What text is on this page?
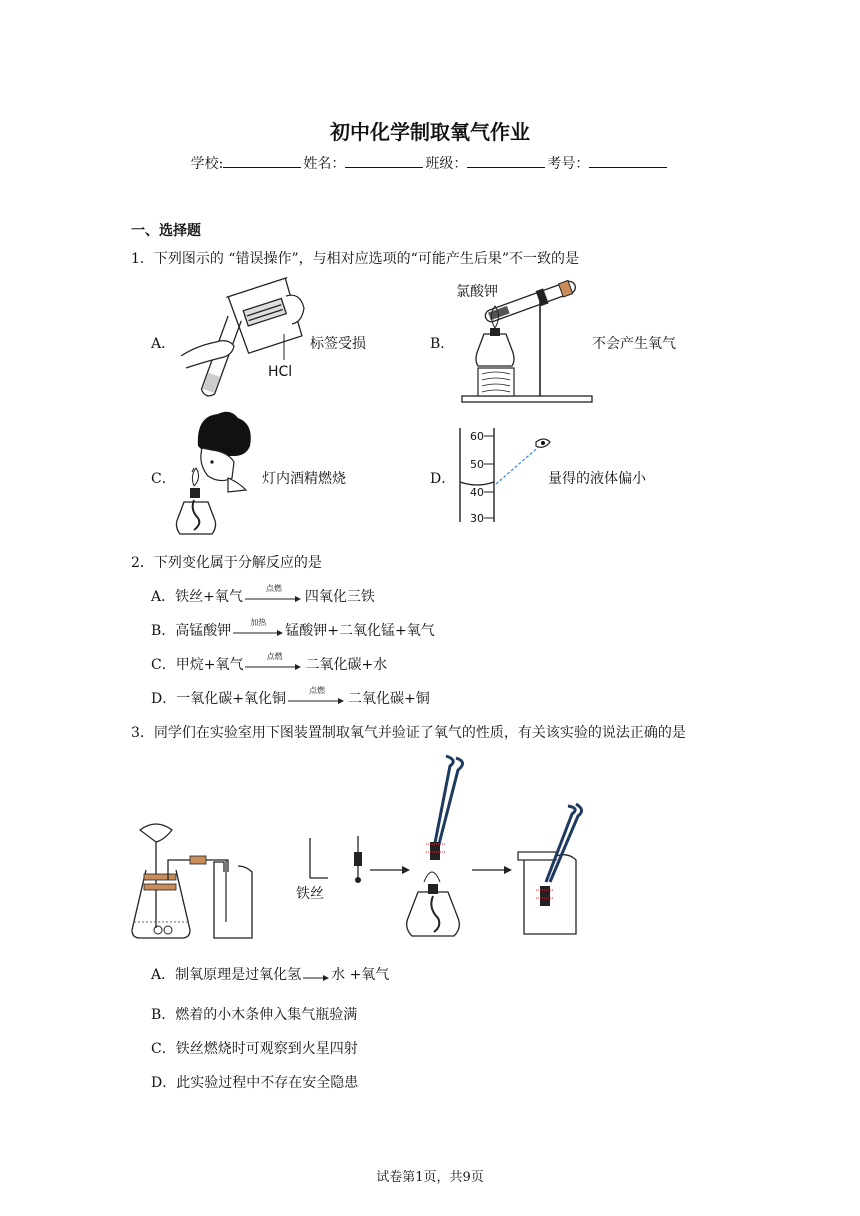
初中化学制取氧气作业
学校:	姓名：	班级：	考号：
一、选择题
1．下列图示的 “错误操作”，与相对应选项的“可能产生后果”不一致的是
A．
HCl
标签受损	B．
氯酸钾
不会产生氧气
C．	灯内酒精燃烧	D．
60
50
40
30
量得的液体偏小
2．下列变化属于分解反应的是
A．铁丝+氧气
点燃
四氧化三铁
B．高锰酸钾
加热
锰酸钾+二氧化锰+氧气
C．甲烷+氧气
点燃
二氧化碳+水
D．一氧化碳+氧化铜
点燃
二氧化碳+铜
3．同学们在实验室用下图装置制取氧气并验证了氧气的性质，有关该实验的说法正确的是
铁丝
A．制氧原理是过氧化氢 水 +氧气
B．燃着的小木条伸入集气瓶验满
C．铁丝燃烧时可观察到火星四射
D．此实验过程中不存在安全隐患
试卷第1页，共9页
